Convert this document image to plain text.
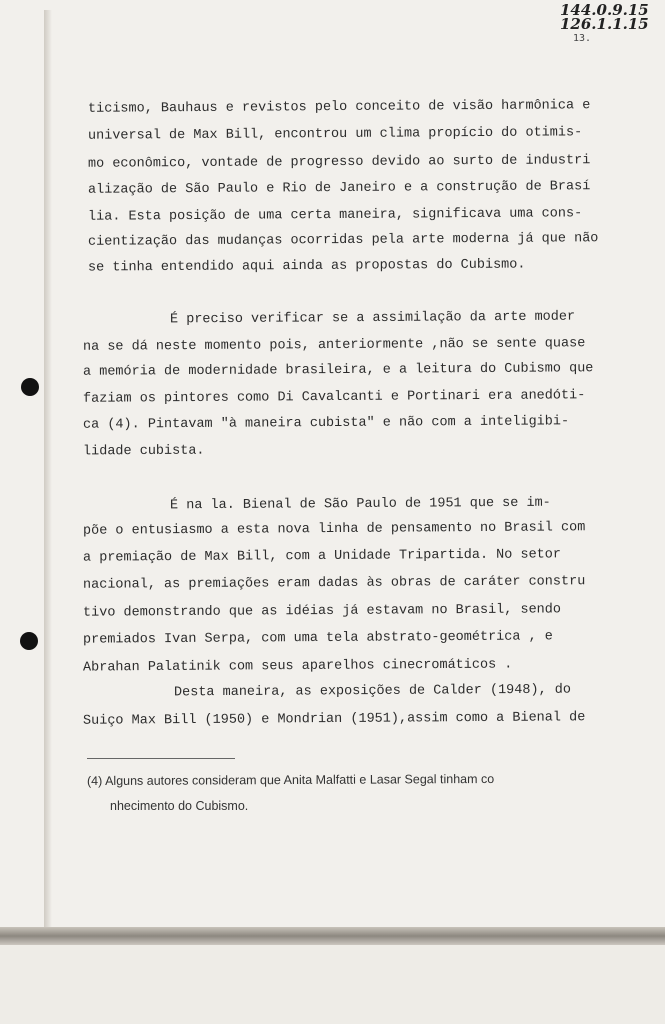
144.0.9.15
126.1.1.15
13.
ticismo, Bauhaus e revistos pelo conceito de visão harmônica e
universal de Max Bill, encontrou um clima propício do otimis-
mo econômico, vontade de progresso devido ao surto de industri
alização de São Paulo e Rio de Janeiro e a construção de Brasí
lia. Esta posição de uma certa maneira, significava uma cons-
cientização das mudanças ocorridas pela arte moderna já que não
se tinha entendido aqui ainda as propostas do Cubismo.
É preciso verificar se a assimilação da arte moder
na se dá neste momento pois, anteriormente ,não se sente quase
a memória de modernidade brasileira, e a leitura do Cubismo que
faziam os pintores como Di Cavalcanti e Portinari era anedóti-
ca (4). Pintavam "à maneira cubista" e não com a inteligibi-
lidade cubista.
É na la. Bienal de São Paulo de 1951 que se im-
põe o entusiasmo a esta nova linha de pensamento no Brasil com
a premiação de Max Bill, com a Unidade Tripartida. No setor
nacional, as premiações eram dadas às obras de caráter constru
tivo demonstrando que as idéias já estavam no Brasil, sendo
premiados Ivan Serpa, com uma tela abstrato-geométrica , e
Abrahan Palatinik com seus aparelhos cinecromáticos .
Desta maneira, as exposições de Calder (1948), do
Suiço Max Bill (1950) e Mondrian (1951),assim como a Bienal de
(4) Alguns autores consideram que Anita Malfatti e Lasar Segal tinham co
nhecimento do Cubismo.
